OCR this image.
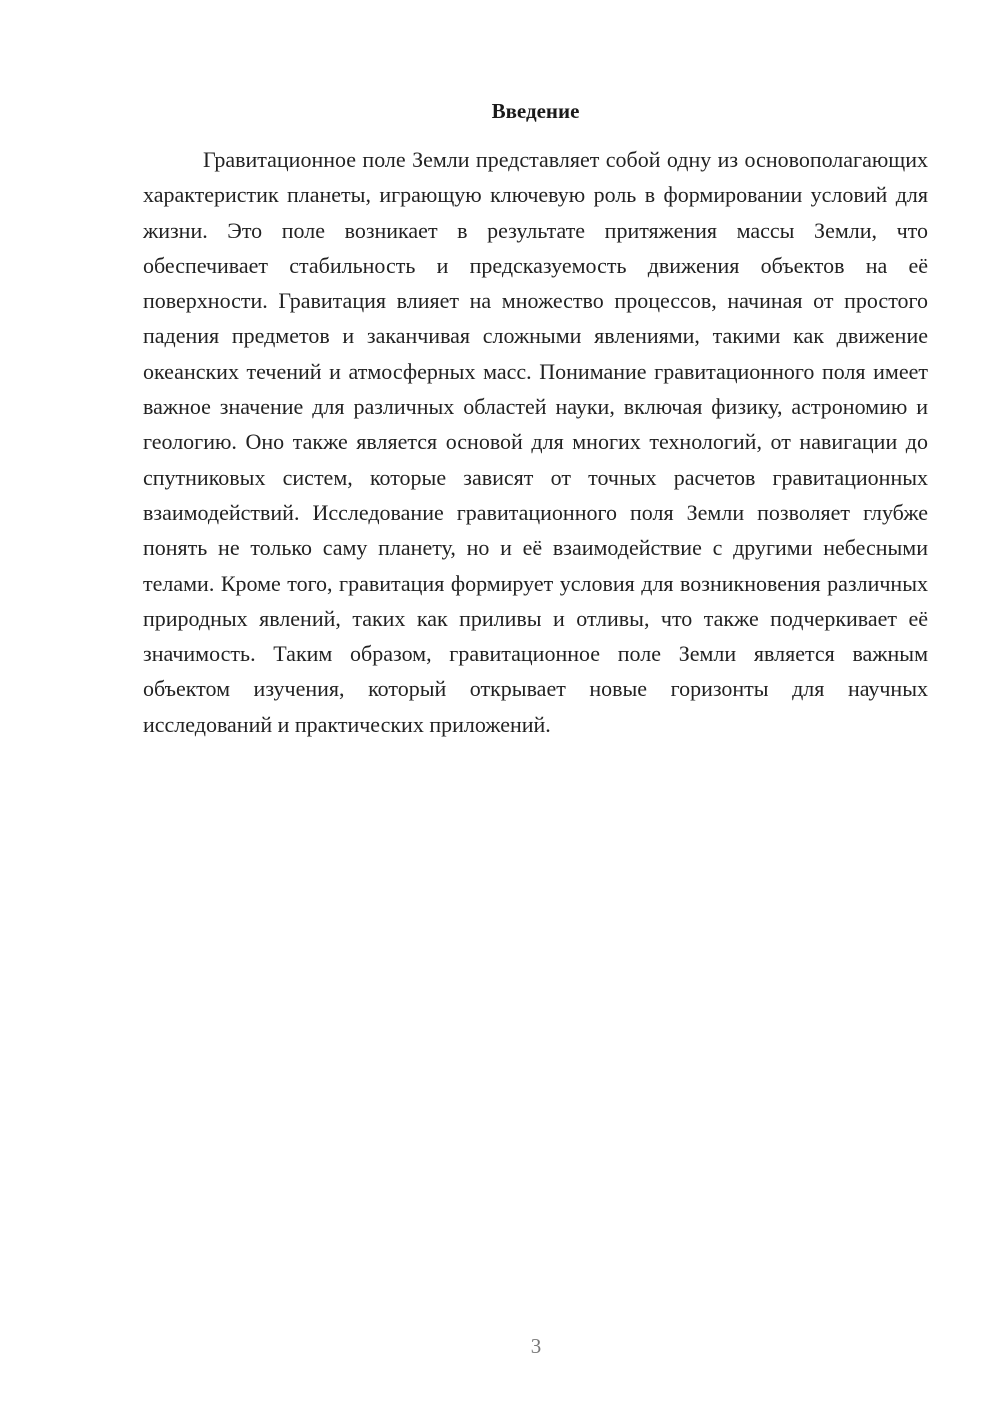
Введение

Гравитационное поле Земли представляет собой одну из основополагающих характеристик планеты, играющую ключевую роль в формировании условий для жизни. Это поле возникает в результате притяжения массы Земли, что обеспечивает стабильность и предсказуемость движения объектов на её поверхности. Гравитация влияет на множество процессов, начиная от простого падения предметов и заканчивая сложными явлениями, такими как движение океанских течений и атмосферных масс. Понимание гравитационного поля имеет важное значение для различных областей науки, включая физику, астрономию и геологию. Оно также является основой для многих технологий, от навигации до спутниковых систем, которые зависят от точных расчетов гравитационных взаимодействий. Исследование гравитационного поля Земли позволяет глубже понять не только саму планету, но и её взаимодействие с другими небесными телами. Кроме того, гравитация формирует условия для возникновения различных природных явлений, таких как приливы и отливы, что также подчеркивает её значимость. Таким образом, гравитационное поле Земли является важным объектом изучения, который открывает новые горизонты для научных исследований и практических приложений.

3
